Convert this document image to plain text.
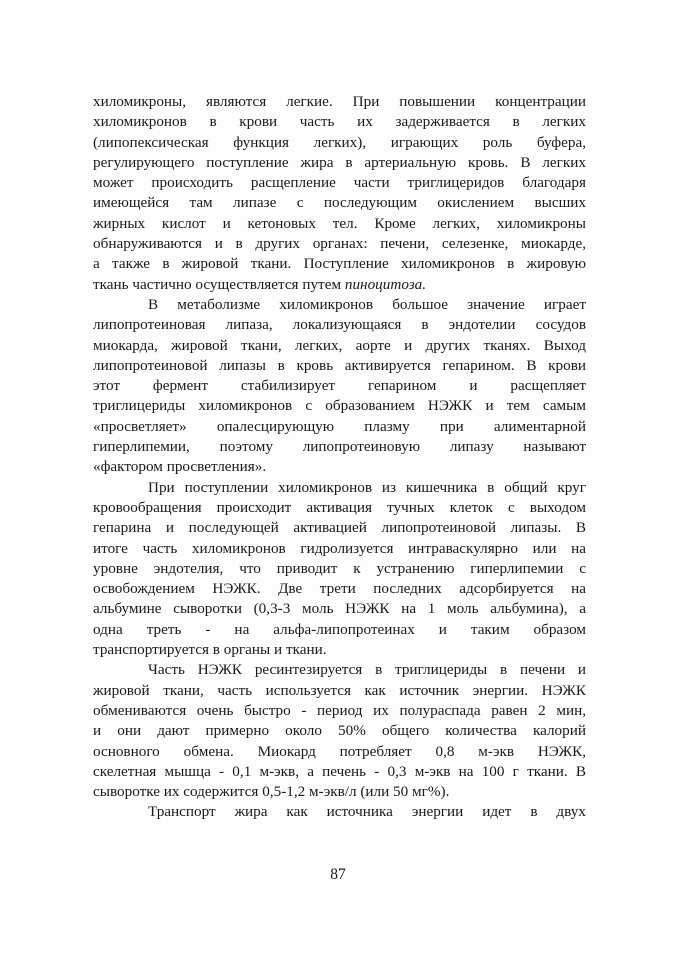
хиломикроны, являются легкие. При повышении концентрации
хиломикронов в крови часть их задерживается в легких
(липопексическая функция легких), играющих роль буфера,
регулирующего поступление жира в артериальную кровь. В легких
может происходить расщепление части триглицеридов благодаря
имеющейся там липазе с последующим окислением высших
жирных кислот и кетоновых тел. Кроме легких, хиломикроны
обнаруживаются и в других органах: печени, селезенке, миокарде,
а также в жировой ткани. Поступление хиломикронов в жировую
ткань частично осуществляется путем пиноцитоза.
В метаболизме хиломикронов большое значение играет
липопротеиновая липаза, локализующаяся в эндотелии сосудов
миокарда, жировой ткани, легких, аорте и других тканях. Выход
липопротеиновой липазы в кровь активируется гепарином. В крови
этот фермент стабилизирует гепарином и расщепляет
триглицериды хиломикронов с образованием НЭЖК и тем самым
«просветляет» опалесцирующую плазму при алиментарной
гиперлипемии, поэтому липопротеиновую липазу называют
«фактором просветления».
При поступлении хиломикронов из кишечника в общий круг
кровообращения происходит активация тучных клеток с выходом
гепарина и последующей активацией липопротеиновой липазы. В
итоге часть хиломикронов гидролизуется интраваскулярно или на
уровне эндотелия, что приводит к устранению гиперлипемии с
освобождением НЭЖК. Две трети последних адсорбируется на
альбумине сыворотки (0,3-3 моль НЭЖК на 1 моль альбумина), а
одна треть - на альфа-липопротеинах и таким образом
транспортируется в органы и ткани.
Часть НЭЖК ресинтезируется в триглицериды в печени и
жировой ткани, часть используется как источник энергии. НЭЖК
обмениваются очень быстро - период их полураспада равен 2 мин,
и они дают примерно около 50% общего количества калорий
основного обмена. Миокард потребляет 0,8 м-экв НЭЖК,
скелетная мышца - 0,1 м-экв, а печень - 0,3 м-экв на 100 г ткани. В
сыворотке их содержится 0,5-1,2 м-экв/л (или 50 мг%).
Транспорт жира как источника энергии идет в двух
87
